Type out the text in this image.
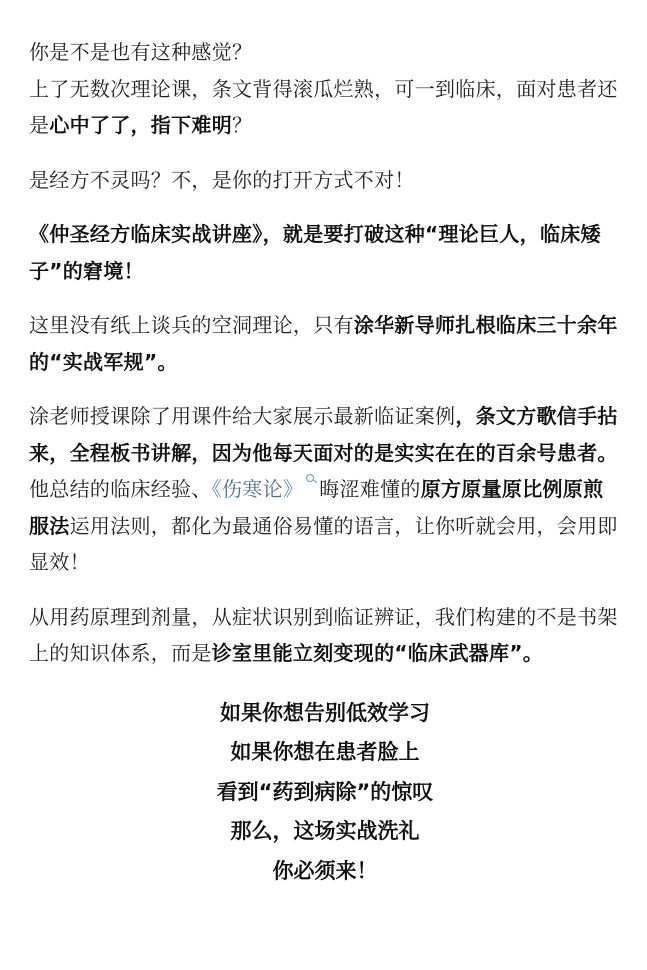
你是不是也有这种感觉？
上了无数次理论课，条文背得滚瓜烂熟，可一到临床，面对患者还是心中了了，指下难明？

是经方不灵吗？不，是你的打开方式不对！

《仲圣经方临床实战讲座》，就是要打破这种“理论巨人，临床矮子”的窘境！

这里没有纸上谈兵的空洞理论，只有涂华新导师扎根临床三十余年的“实战军规”。

涂老师授课除了用课件给大家展示最新临证案例，条文方歌信手拈来，全程板书讲解，因为他每天面对的是实实在在的百余号患者。他总结的临床经验、《伤寒论》 晦涩难懂的原方原量原比例原煎服法运用法则，都化为最通俗易懂的语言，让你听就会用，会用即显效！

从用药原理到剂量，从症状识别到临证辨证，我们构建的不是书架上的知识体系，而是诊室里能立刻变现的“临床武器库”。

如果你想告别低效学习
如果你想在患者脸上
看到“药到病除”的惊叹
那么，这场实战洗礼
你必须来！
